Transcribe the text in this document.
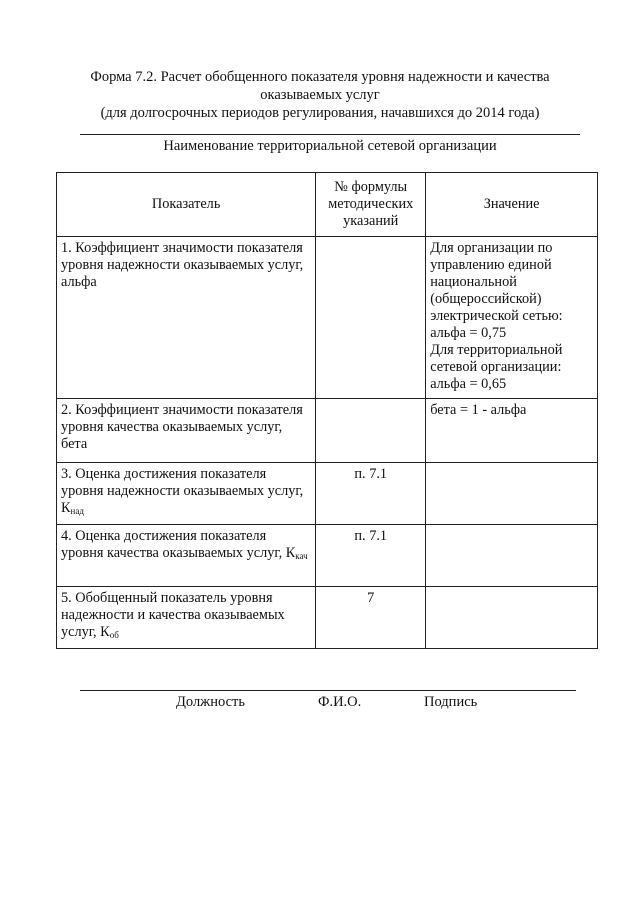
Форма 7.2. Расчет обобщенного показателя уровня надежности и качества
оказываемых услуг
(для долгосрочных периодов регулирования, начавшихся до 2014 года)
Наименование территориальной сетевой организации
Показатель	№ формулы методических указаний	Значение
1. Коэффициент значимости показателя уровня надежности оказываемых услуг, альфа		Для организации по управлению единой национальной (общероссийской) электрической сетью: альфа = 0,75
Для территориальной сетевой организации: альфа = 0,65

2. Коэффициент значимости показателя уровня качества оказываемых услуг, бета		бета = 1 - альфа
3. Оценка достижения показателя уровня надежности оказываемых услуг, $К_{над}$	п. 7.1	
4. Оценка достижения показателя уровня качества оказываемых услуг, $К_{кач}$	п. 7.1	
5. Обобщенный показатель уровня надежности и качества оказываемых услуг, $К_{об}$	7	
Должность	Ф.И.О.	Подпись
